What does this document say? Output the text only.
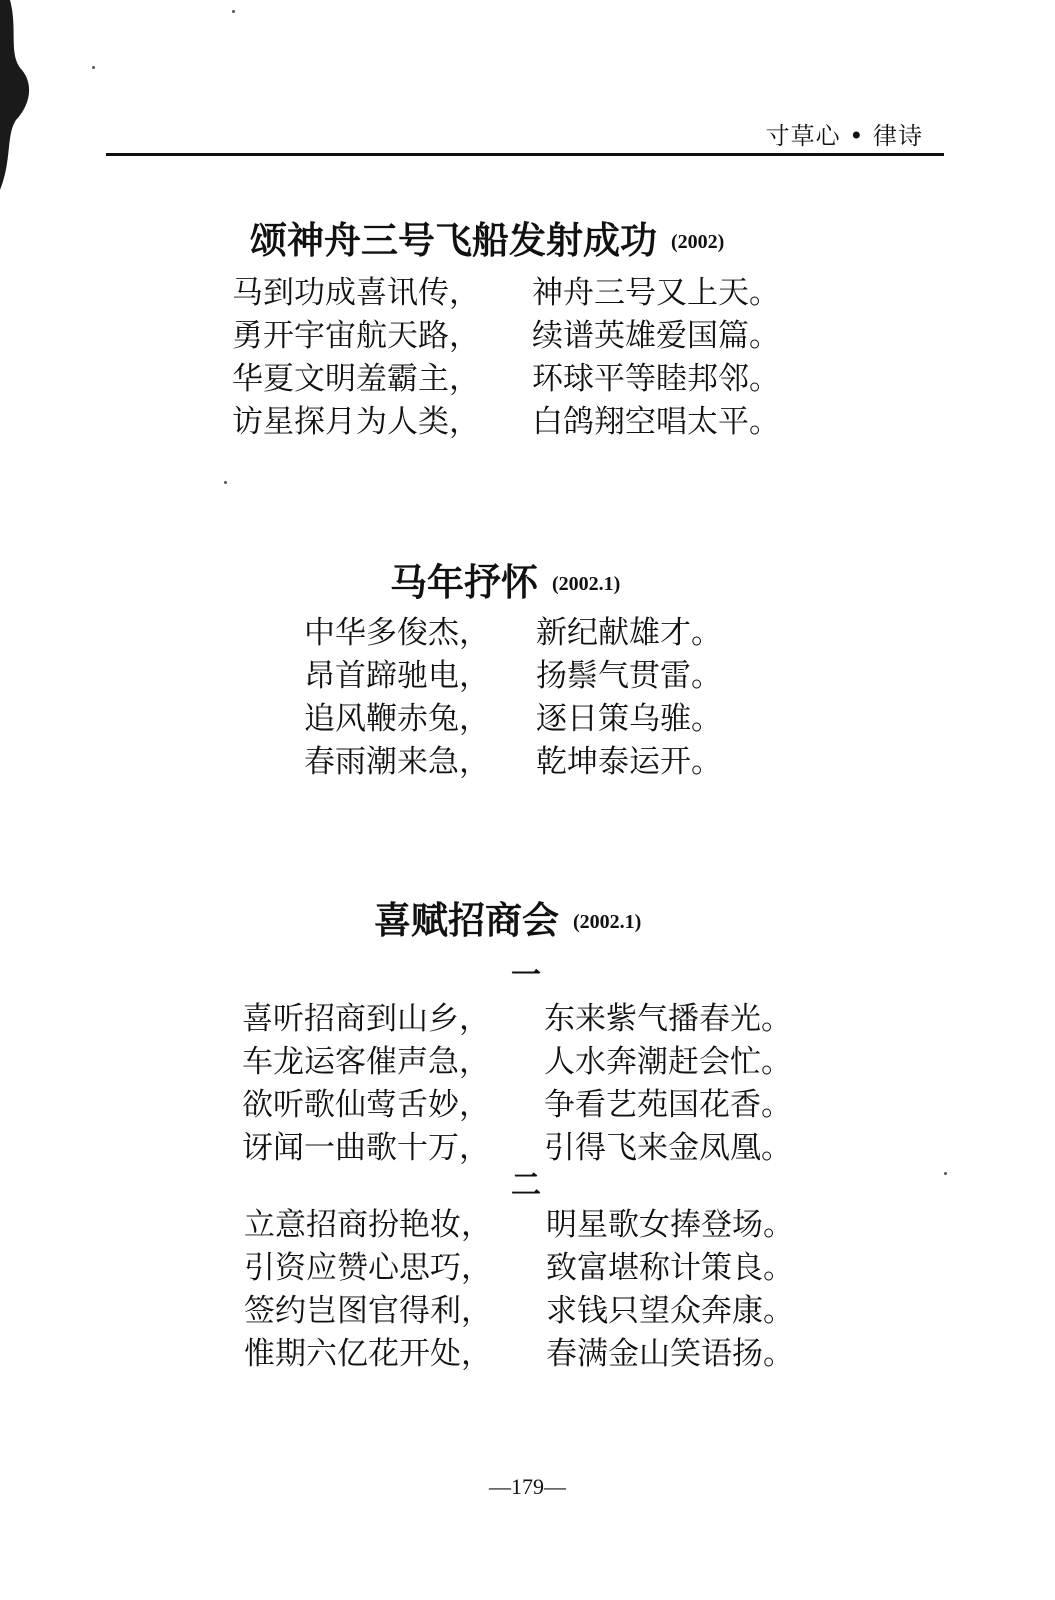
寸草心 • 律诗
颂神舟三号飞船发射成功 (2002)
马到功成喜讯传， 神舟三号又上天。
勇开宇宙航天路， 续谱英雄爱国篇。
华夏文明羞霸主， 环球平等睦邦邻。
访星探月为人类， 白鸽翔空唱太平。
马年抒怀 (2002.1)
中华多俊杰， 新纪献雄才。
昂首蹄驰电， 扬鬃气贯雷。
追风鞭赤兔， 逐日策乌骓。
春雨潮来急， 乾坤泰运开。
喜赋招商会 (2002.1)
一
喜听招商到山乡， 东来紫气播春光。
车龙运客催声急， 人水奔潮赶会忙。
欲听歌仙莺舌妙， 争看艺苑国花香。
讶闻一曲歌十万， 引得飞来金凤凰。
二
立意招商扮艳妆， 明星歌女捧登场。
引资应赞心思巧， 致富堪称计策良。
签约岂图官得利， 求钱只望众奔康。
惟期六亿花开处， 春满金山笑语扬。
—179—
